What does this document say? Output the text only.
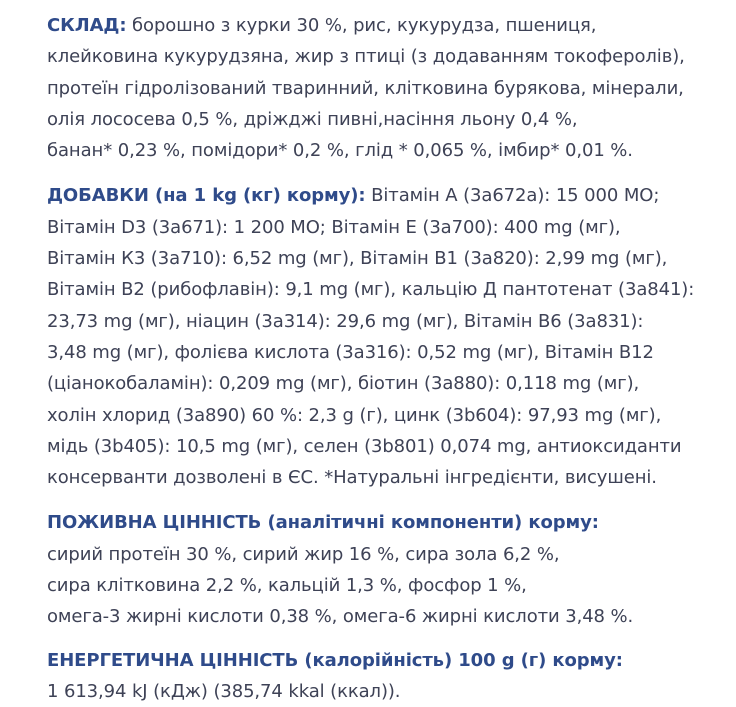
СКЛАД: борошно з курки 30 %, рис, кукурудза, пшениця,
клейковина кукурудзяна, жир з птиці (з додаванням токоферолів),
протеїн гідролізований тваринний, клітковина бурякова, мінерали,
олія лососева 0,5 %, дріжджі пивні,насіння льону 0,4 %,
банан* 0,23 %, помідори* 0,2 %, глід * 0,065 %, імбир* 0,01 %.
ДОБАВКИ (на 1 kg (кг) корму): Вітамін A (3a672a): 15 000 МО;
Вітамін D3 (3a671): 1 200 МО; Вітамін E (3a700): 400 mg (мг),
Вітамін К3 (3a710): 6,52 mg (мг), Вітамін В1 (3a820): 2,99 mg (мг),
Вітамін В2 (рибофлавін): 9,1 mg (мг), кальцію Д пантотенат (3a841):
23,73 mg (мг), ніацин (3a314): 29,6 mg (мг), Вітамін В6 (3a831):
3,48 mg (мг), фолієва кислота (3a316): 0,52 mg (мг), Вітамін В12
(ціанокобаламін): 0,209 mg (мг), біотин (3a880): 0,118 mg (мг),
холін хлорид (3a890) 60 %: 2,3 g (г), цинк (3b604): 97,93 mg (мг),
мідь (3b405): 10,5 mg (мг), селен (3b801) 0,074 mg, антиоксиданти
консерванти дозволені в ЄС. *Натуральні інгредієнти, висушені.
ПОЖИВНА ЦІННІСТЬ (аналітичні компоненти) корму:
сирий протеїн 30 %, сирий жир 16 %, сира зола 6,2 %,
сира клітковина 2,2 %, кальцій 1,3 %, фосфор 1 %,
омега-3 жирні кислоти 0,38 %, омега-6 жирні кислоти 3,48 %.
ЕНЕРГЕТИЧНА ЦІННІСТЬ (калорійність) 100 g (г) корму:
1 613,94 kJ (кДж) (385,74 kkal (ккал)).
